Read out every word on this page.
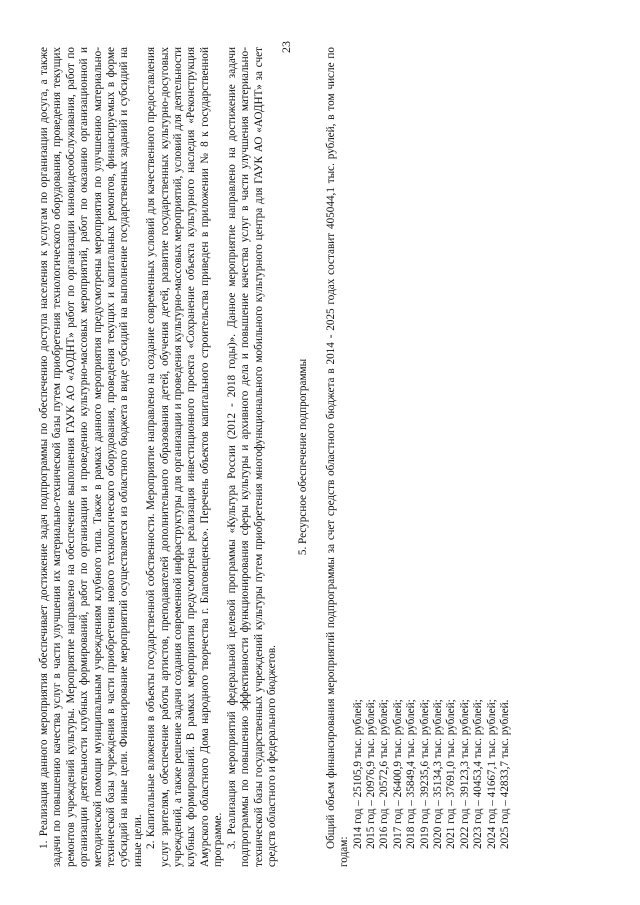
23

1. Реализация данного мероприятия обеспечивает достижение задач подпрограммы по обеспечению доступа населения к услугам по организации досуга, а также задачи по повышению качества услуг в части улучшения их материально-технической базы путем приобретения технологического оборудования, проведения текущих ремонтов учреждений культуры. Мероприятие направлено на обеспечение выполнения ГАУК АО «АОДНТ» работ по организации киновидеообслуживания, работ по организации деятельности клубных формирований, работ по организации и проведению культурно-массовых мероприятий, работ по оказанию организационной и методической помощи муниципальным учреждениям клубного типа. Также в рамках данного мероприятия предусмотрены мероприятия по улучшению материально-технической базы учреждения в части приобретения нового технологического оборудования, проведения текущих и капитальных ремонтов, финансируемых в форме субсидий на иные цели. Финансирование мероприятий осуществляется из областного бюджета в виде субсидий на выполнение государственных заданий и субсидий на иные цели. 2. Капитальные вложения в объекты государственной собственности. Мероприятие направлено на создание современных условий для качественного предоставления услуг зрителям, обеспечение работы артистов, преподавателей дополнительного образования детей, обучения детей, развитие государственных культурно-досуговых учреждений, а также решение задачи создания современной инфраструктуры для организации и проведения культурно-массовых мероприятий, условий для деятельности клубных формирований. В рамках мероприятия предусмотрена реализация инвестиционного проекта «Сохранение объекта культурного наследия «Реконструкция Амурского областного Дома народного творчества г. Благовещенск». Перечень объектов капитального строительства приведен в приложении № 8 к государственной программе. 3. Реализация мероприятий федеральной целевой программы «Культура России (2012 - 2018 годы)». Данное мероприятие направлено на достижение задачи подпрограммы по повышению эффективности функционирования сферы культуры и архивного дела и повышение качества услуг в части улучшения материально-технической базы государственных учреждений культуры путем приобретения многофункционального мобильного культурного центра для ГАУК АО «АОДНТ» за счет средств областного и федерального бюджетов.

5. Ресурсное обеспечение подпрограммы Общий объем финансирования мероприятий подпрограммы за счет средств областного бюджета в 2014 - 2025 годах составит 405044,1 тыс. рублей, в том числе по годам:

2014 год – 25105,9 тыс. рублей; 2015 год – 20976,9 тыс. рублей; 2016 год – 20572,6 тыс. рублей; 2017 год – 26400,9 тыс. рублей; 2018 год – 35849,4 тыс. рублей; 2019 год – 39235,6 тыс. рублей; 2020 год – 35134,3 тыс. рублей; 2021 год – 37691,0 тыс. рублей; 2022 год – 39123,3 тыс. рублей; 2023 год – 40453,4 тыс. рублей; 2024 год – 41667,1 тыс. рублей; 2025 год – 42833,7 тыс. рублей.
